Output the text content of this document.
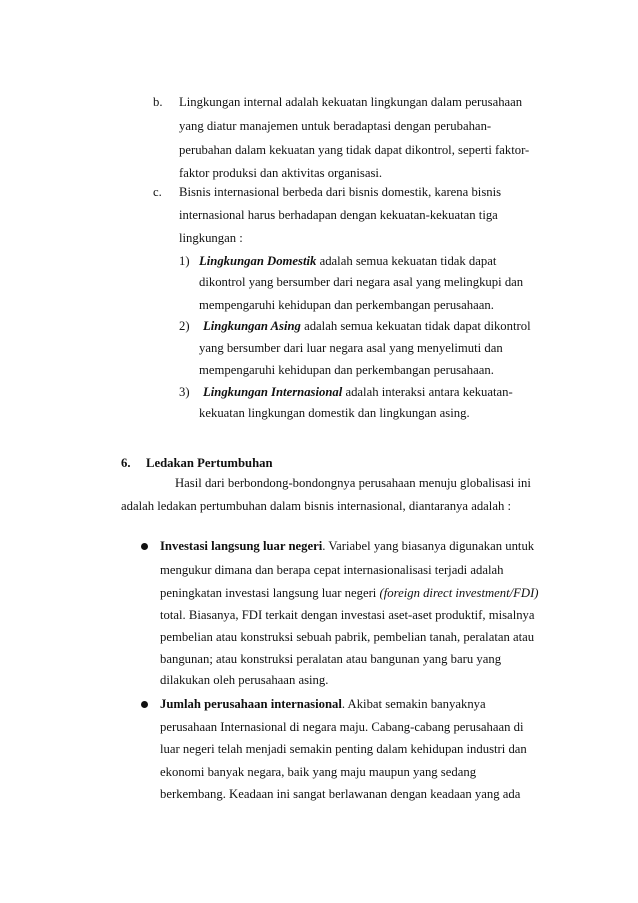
b. Lingkungan internal adalah kekuatan lingkungan dalam perusahaan
yang diatur manajemen untuk beradaptasi dengan perubahan-
perubahan dalam kekuatan yang tidak dapat dikontrol, seperti faktor-
faktor produksi dan aktivitas organisasi.
c. Bisnis internasional berbeda dari bisnis domestik, karena bisnis
internasional harus berhadapan dengan kekuatan-kekuatan tiga
lingkungan :
1) Lingkungan Domestik adalah semua kekuatan tidak dapat
dikontrol yang bersumber dari negara asal yang melingkupi dan
mempengaruhi kehidupan dan perkembangan perusahaan.
2) Lingkungan Asing adalah semua kekuatan tidak dapat dikontrol
yang bersumber dari luar negara asal yang menyelimuti dan
mempengaruhi kehidupan dan perkembangan perusahaan.
3) Lingkungan Internasional adalah interaksi antara kekuatan-
kekuatan lingkungan domestik dan lingkungan asing.
6. Ledakan Pertumbuhan
Hasil dari berbondong-bondongnya perusahaan menuju globalisasi ini
adalah ledakan pertumbuhan dalam bisnis internasional, diantaranya adalah :
Investasi langsung luar negeri. Variabel yang biasanya digunakan untuk
mengukur dimana dan berapa cepat internasionalisasi terjadi adalah
peningkatan investasi langsung luar negeri (foreign direct investment/FDI)
total. Biasanya, FDI terkait dengan investasi aset-aset produktif, misalnya
pembelian atau konstruksi sebuah pabrik, pembelian tanah, peralatan atau
bangunan; atau konstruksi peralatan atau bangunan yang baru yang
dilakukan oleh perusahaan asing.
Jumlah perusahaan internasional. Akibat semakin banyaknya
perusahaan Internasional di negara maju. Cabang-cabang perusahaan di
luar negeri telah menjadi semakin penting dalam kehidupan industri dan
ekonomi banyak negara, baik yang maju maupun yang sedang
berkembang. Keadaan ini sangat berlawanan dengan keadaan yang ada
